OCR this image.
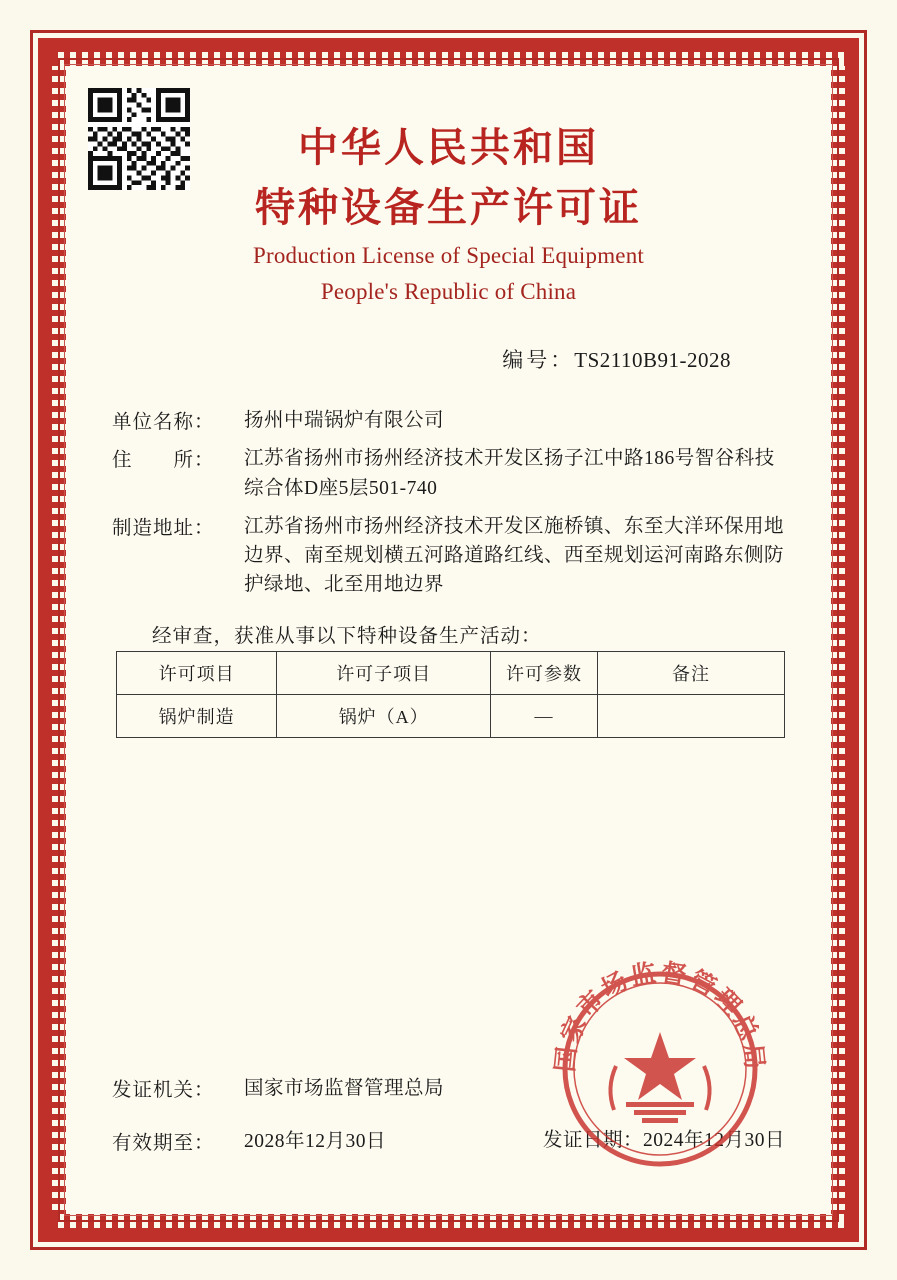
中华人民共和国
特种设备生产许可证
Production License of Special Equipment
People's Republic of China
编号：TS2110B91-2028
单位名称：	扬州中瑞锅炉有限公司
住　　所：	江苏省扬州市扬州经济技术开发区扬子江中路186号智谷科技综合体D座5层501-740
制造地址：	江苏省扬州市扬州经济技术开发区施桥镇、东至大洋环保用地边界、南至规划横五河路道路红线、西至规划运河南路东侧防护绿地、北至用地边界
经审查，获准从事以下特种设备生产活动：
许可项目	许可子项目	许可参数	备注
锅炉制造	锅炉（A）	—	
发证机关：	国家市场监督管理总局
有效期至：	2028年12月30日	发证日期：2024年12月30日
国家市场监督管理总局
